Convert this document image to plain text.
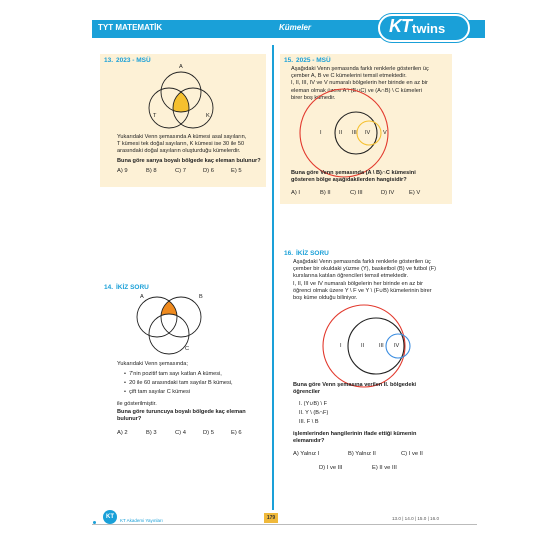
TYT MATEMATİK	Kümeler	KT twins
13. 2023 - MSÜ
A
T	K
Yukarıdaki Venn şemasında A kümesi asal sayıların,
T kümesi tek doğal sayıların, K kümesi ise 30 ile 50
arasındaki doğal sayıların oluşturduğu kümelerdir.
Buna göre sarıya boyalı bölgede kaç eleman bulunur?
A) 9	B) 8	C) 7	D) 6	E) 5
14. İKİZ SORU
A	B
C
Yukarıdaki Venn şemasında;
•  7'nin pozitif tam sayı katları A kümesi,
•  20 ile 60 arasındaki tam sayılar B kümesi,
•  çift tam sayılar C kümesi
ile gösterilmiştir.
Buna göre turuncuya boyalı bölgede kaç eleman
bulunur?
A) 2	B) 3	C) 4	D) 5	E) 6
15. 2025 - MSÜ
Aşağıdaki Venn şemasında farklı renklerle gösterilen üç
çember A, B ve C kümelerini temsil etmektedir.
I, II, III, IV ve V numaralı bölgelerin her birinde en az bir
eleman olmak üzere A \ (B∪C) ve (A∩B) \ C kümeleri
birer boş kümedir.
I	II III IV V
Buna göre Venn şemasında (A \ B)∩C kümesini
gösteren bölge aşağıdakilerden hangisidir?
A) I	B) II	C) III	D) IV	E) V
16. İKİZ SORU
Aşağıdaki Venn şemasında farklı renklerle gösterilen üç
çember bir okuldaki yüzme (Y), basketbol (B) ve futbol (F)
kurslarına katılan öğrencileri temsil etmektedir.
I, II, III ve IV numaralı bölgelerin her birinde en az bir
öğrenci olmak üzere Y \ F ve Y \ (F∪B) kümelerinin birer
boş küme olduğu biliniyor.
I	II	III IV
Buna göre Venn şemasına verilen II. bölgedeki
öğrenciler
I. (Y∪B) \ F
II. Y \ (B∩F)
III. F \ B
işlemlerinden hangilerinin ifade ettiği kümenin
elemanıdır?
A) Yalnız I	B) Yalnız II	C) I ve II
D) I ve III	E) II ve III
KT
KT Akademi Yayınları	179	13.0 | 14.0 | 15.0 | 16.0
